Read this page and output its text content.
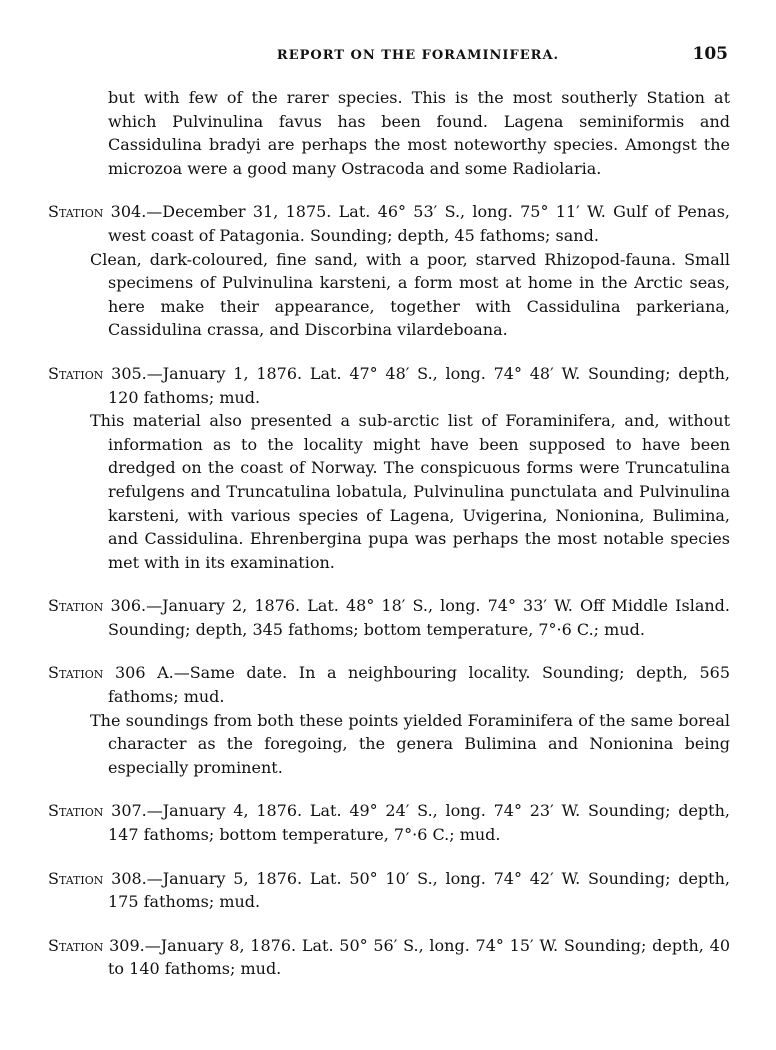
REPORT ON THE FORAMINIFERA.	105

but with few of the rarer species. This is the most southerly Station at which Pulvinulina favus has been found. Lagena seminiformis and Cassidulina bradyi are perhaps the most noteworthy species. Amongst the microzoa were a good many Ostracoda and some Radiolaria.

Station 304.—December 31, 1875. Lat. 46° 53′ S., long. 75° 11′ W. Gulf of Penas, west coast of Patagonia. Sounding; depth, 45 fathoms; sand.

Clean, dark-coloured, fine sand, with a poor, starved Rhizopod-fauna. Small specimens of Pulvinulina karsteni, a form most at home in the Arctic seas, here make their appearance, together with Cassidulina parkeriana, Cassidulina crassa, and Discorbina vilardeboana.

Station 305.—January 1, 1876. Lat. 47° 48′ S., long. 74° 48′ W. Sounding; depth, 120 fathoms; mud.

This material also presented a sub-arctic list of Foraminifera, and, without information as to the locality might have been supposed to have been dredged on the coast of Norway. The conspicuous forms were Truncatulina refulgens and Truncatulina lobatula, Pulvinulina punctulata and Pulvinulina karsteni, with various species of Lagena, Uvigerina, Nonionina, Bulimina, and Cassidulina. Ehrenbergina pupa was perhaps the most notable species met with in its examination.

Station 306.—January 2, 1876. Lat. 48° 18′ S., long. 74° 33′ W. Off Middle Island. Sounding; depth, 345 fathoms; bottom temperature, 7°·6 C.; mud.

Station 306 A.—Same date. In a neighbouring locality. Sounding; depth, 565 fathoms; mud.

The soundings from both these points yielded Foraminifera of the same boreal character as the foregoing, the genera Bulimina and Nonionina being especially prominent.

Station 307.—January 4, 1876. Lat. 49° 24′ S., long. 74° 23′ W. Sounding; depth, 147 fathoms; bottom temperature, 7°·6 C.; mud.

Station 308.—January 5, 1876. Lat. 50° 10′ S., long. 74° 42′ W. Sounding; depth, 175 fathoms; mud.

Station 309.—January 8, 1876. Lat. 50° 56′ S., long. 74° 15′ W. Sounding; depth, 40 to 140 fathoms; mud.
